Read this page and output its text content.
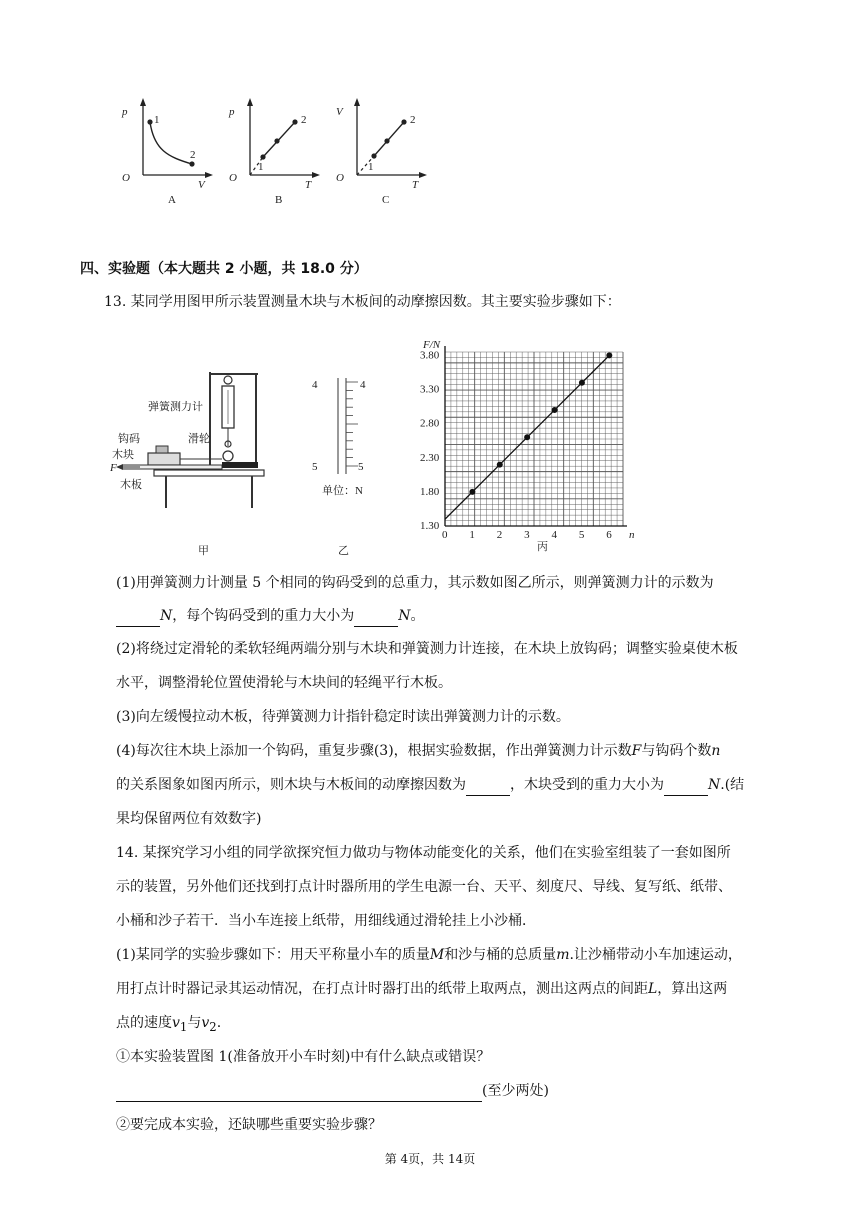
p
1
2
O
V
A
p
1
2
O
T
B
V
1
2
O
T
C
四、实验题（本大题共 2 小题，共 18.0 分）
13. 某同学用图甲所示装置测量木块与木板间的动摩擦因数。其主要实验步骤如下：
弹簧测力计
钩码	滑轮
木块
F
木板
甲
4	4
5	5
单位：N
乙
1.30
1.80
2.30
2.80
3.30
3.80
0 1 2 3 4 5 6
F/N
n
丙
(1)用弹簧测力计测量 5 个相同的钩码受到的总重力，其示数如图乙所示，则弹簧测力计的示数为
N，每个钩码受到的重力大小为	N。
(2)将绕过定滑轮的柔软轻绳两端分别与木块和弹簧测力计连接，在木块上放钩码；调整实验桌使木板
水平，调整滑轮位置使滑轮与木块间的轻绳平行木板。
(3)向左缓慢拉动木板，待弹簧测力计指针稳定时读出弹簧测力计的示数。
(4)每次往木块上添加一个钩码，重复步骤(3)，根据实验数据，作出弹簧测力计示数F与钩码个数n
的关系图象如图丙所示，则木块与木板间的动摩擦因数为	，木块受到的重力大小为	N.(结
果均保留两位有效数字)
14. 某探究学习小组的同学欲探究恒力做功与物体动能变化的关系，他们在实验室组装了一套如图所
示的装置，另外他们还找到打点计时器所用的学生电源一台、天平、刻度尺、导线、复写纸、纸带、
小桶和沙子若干．当小车连接上纸带，用细线通过滑轮挂上小沙桶．
(1)某同学的实验步骤如下：用天平称量小车的质量M和沙与桶的总质量m.让沙桶带动小车加速运动，
用打点计时器记录其运动情况，在打点计时器打出的纸带上取两点，测出这两点的间距L，算出这两
点的速度$v_1$与$v_2$.
①本实验装置图 1(准备放开小车时刻)中有什么缺点或错误？
(至少两处)
②要完成本实验，还缺哪些重要实验步骤？
第 4页，共 14页
